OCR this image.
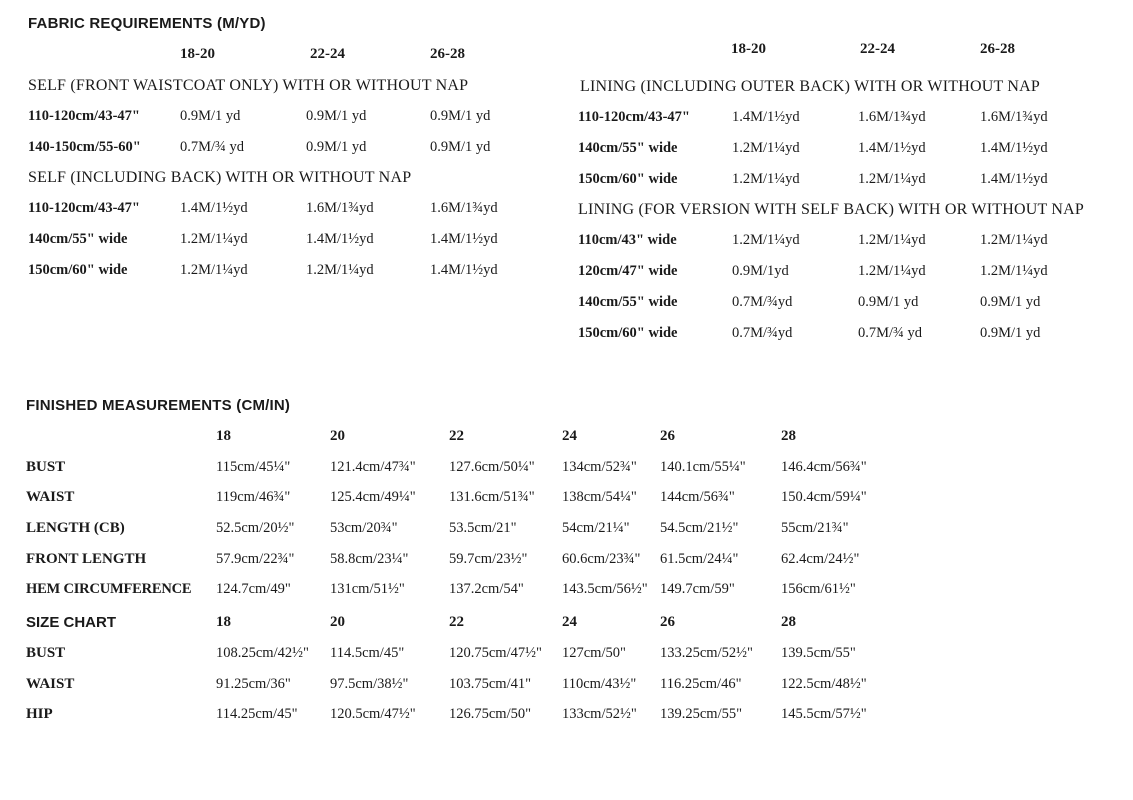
FABRIC REQUIREMENTS (M/YD)
18-20	22-24	26-28
SELF (FRONT WAISTCOAT ONLY) WITH OR WITHOUT NAP
110-120cm/43-47"	0.9M/1 yd	0.9M/1 yd	0.9M/1 yd
140-150cm/55-60"	0.7M/¾ yd	0.9M/1 yd	0.9M/1 yd
SELF (INCLUDING BACK) WITH OR WITHOUT NAP
110-120cm/43-47"	1.4M/1½yd	1.6M/1¾yd	1.6M/1¾yd
140cm/55" wide	1.2M/1¼yd	1.4M/1½yd	1.4M/1½yd
150cm/60" wide	1.2M/1¼yd	1.2M/1¼yd	1.4M/1½yd
18-20	22-24	26-28
LINING (INCLUDING OUTER BACK) WITH OR WITHOUT NAP
110-120cm/43-47"	1.4M/1½yd	1.6M/1¾yd	1.6M/1¾yd
140cm/55" wide	1.2M/1¼yd	1.4M/1½yd	1.4M/1½yd
150cm/60" wide	1.2M/1¼yd	1.2M/1¼yd	1.4M/1½yd
LINING (FOR VERSION WITH SELF BACK) WITH OR WITHOUT NAP
110cm/43" wide	1.2M/1¼yd	1.2M/1¼yd	1.2M/1¼yd
120cm/47" wide	0.9M/1yd	1.2M/1¼yd	1.2M/1¼yd
140cm/55" wide	0.7M/¾yd	0.9M/1 yd	0.9M/1 yd
150cm/60" wide	0.7M/¾yd	0.7M/¾ yd	0.9M/1 yd
FINISHED MEASUREMENTS (CM/IN)
18	20	22	24	26	28
BUST	115cm/45¼"	121.4cm/47¾" 127.6cm/50¼" 134cm/52¾" 140.1cm/55¼" 146.4cm/56¾"
WAIST	119cm/46¾"	125.4cm/49¼" 131.6cm/51¾" 138cm/54¼" 144cm/56¾"	150.4cm/59¼"
LENGTH (CB)	52.5cm/20½" 53cm/20¾"	53.5cm/21"	54cm/21¼" 54.5cm/21½"	55cm/21¾"
FRONT LENGTH	57.9cm/22¾" 58.8cm/23¼"	59.7cm/23½" 60.6cm/23¾" 61.5cm/24¼"	62.4cm/24½"
HEM CIRCUMFERENCE 124.7cm/49"	131cm/51½"	137.2cm/54"	143.5cm/56½" 149.7cm/59"	156cm/61½"
SIZE CHART	18	20	22	24	26	28
BUST	108.25cm/42½" 114.5cm/45"	120.75cm/47½" 127cm/50" 133.25cm/52½" 139.5cm/55"
WAIST	91.25cm/36"	97.5cm/38½"	103.75cm/41" 110cm/43½" 116.25cm/46"	122.5cm/48½"
HIP	114.25cm/45" 120.5cm/47½" 126.75cm/50" 133cm/52½" 139.25cm/55"	145.5cm/57½"
